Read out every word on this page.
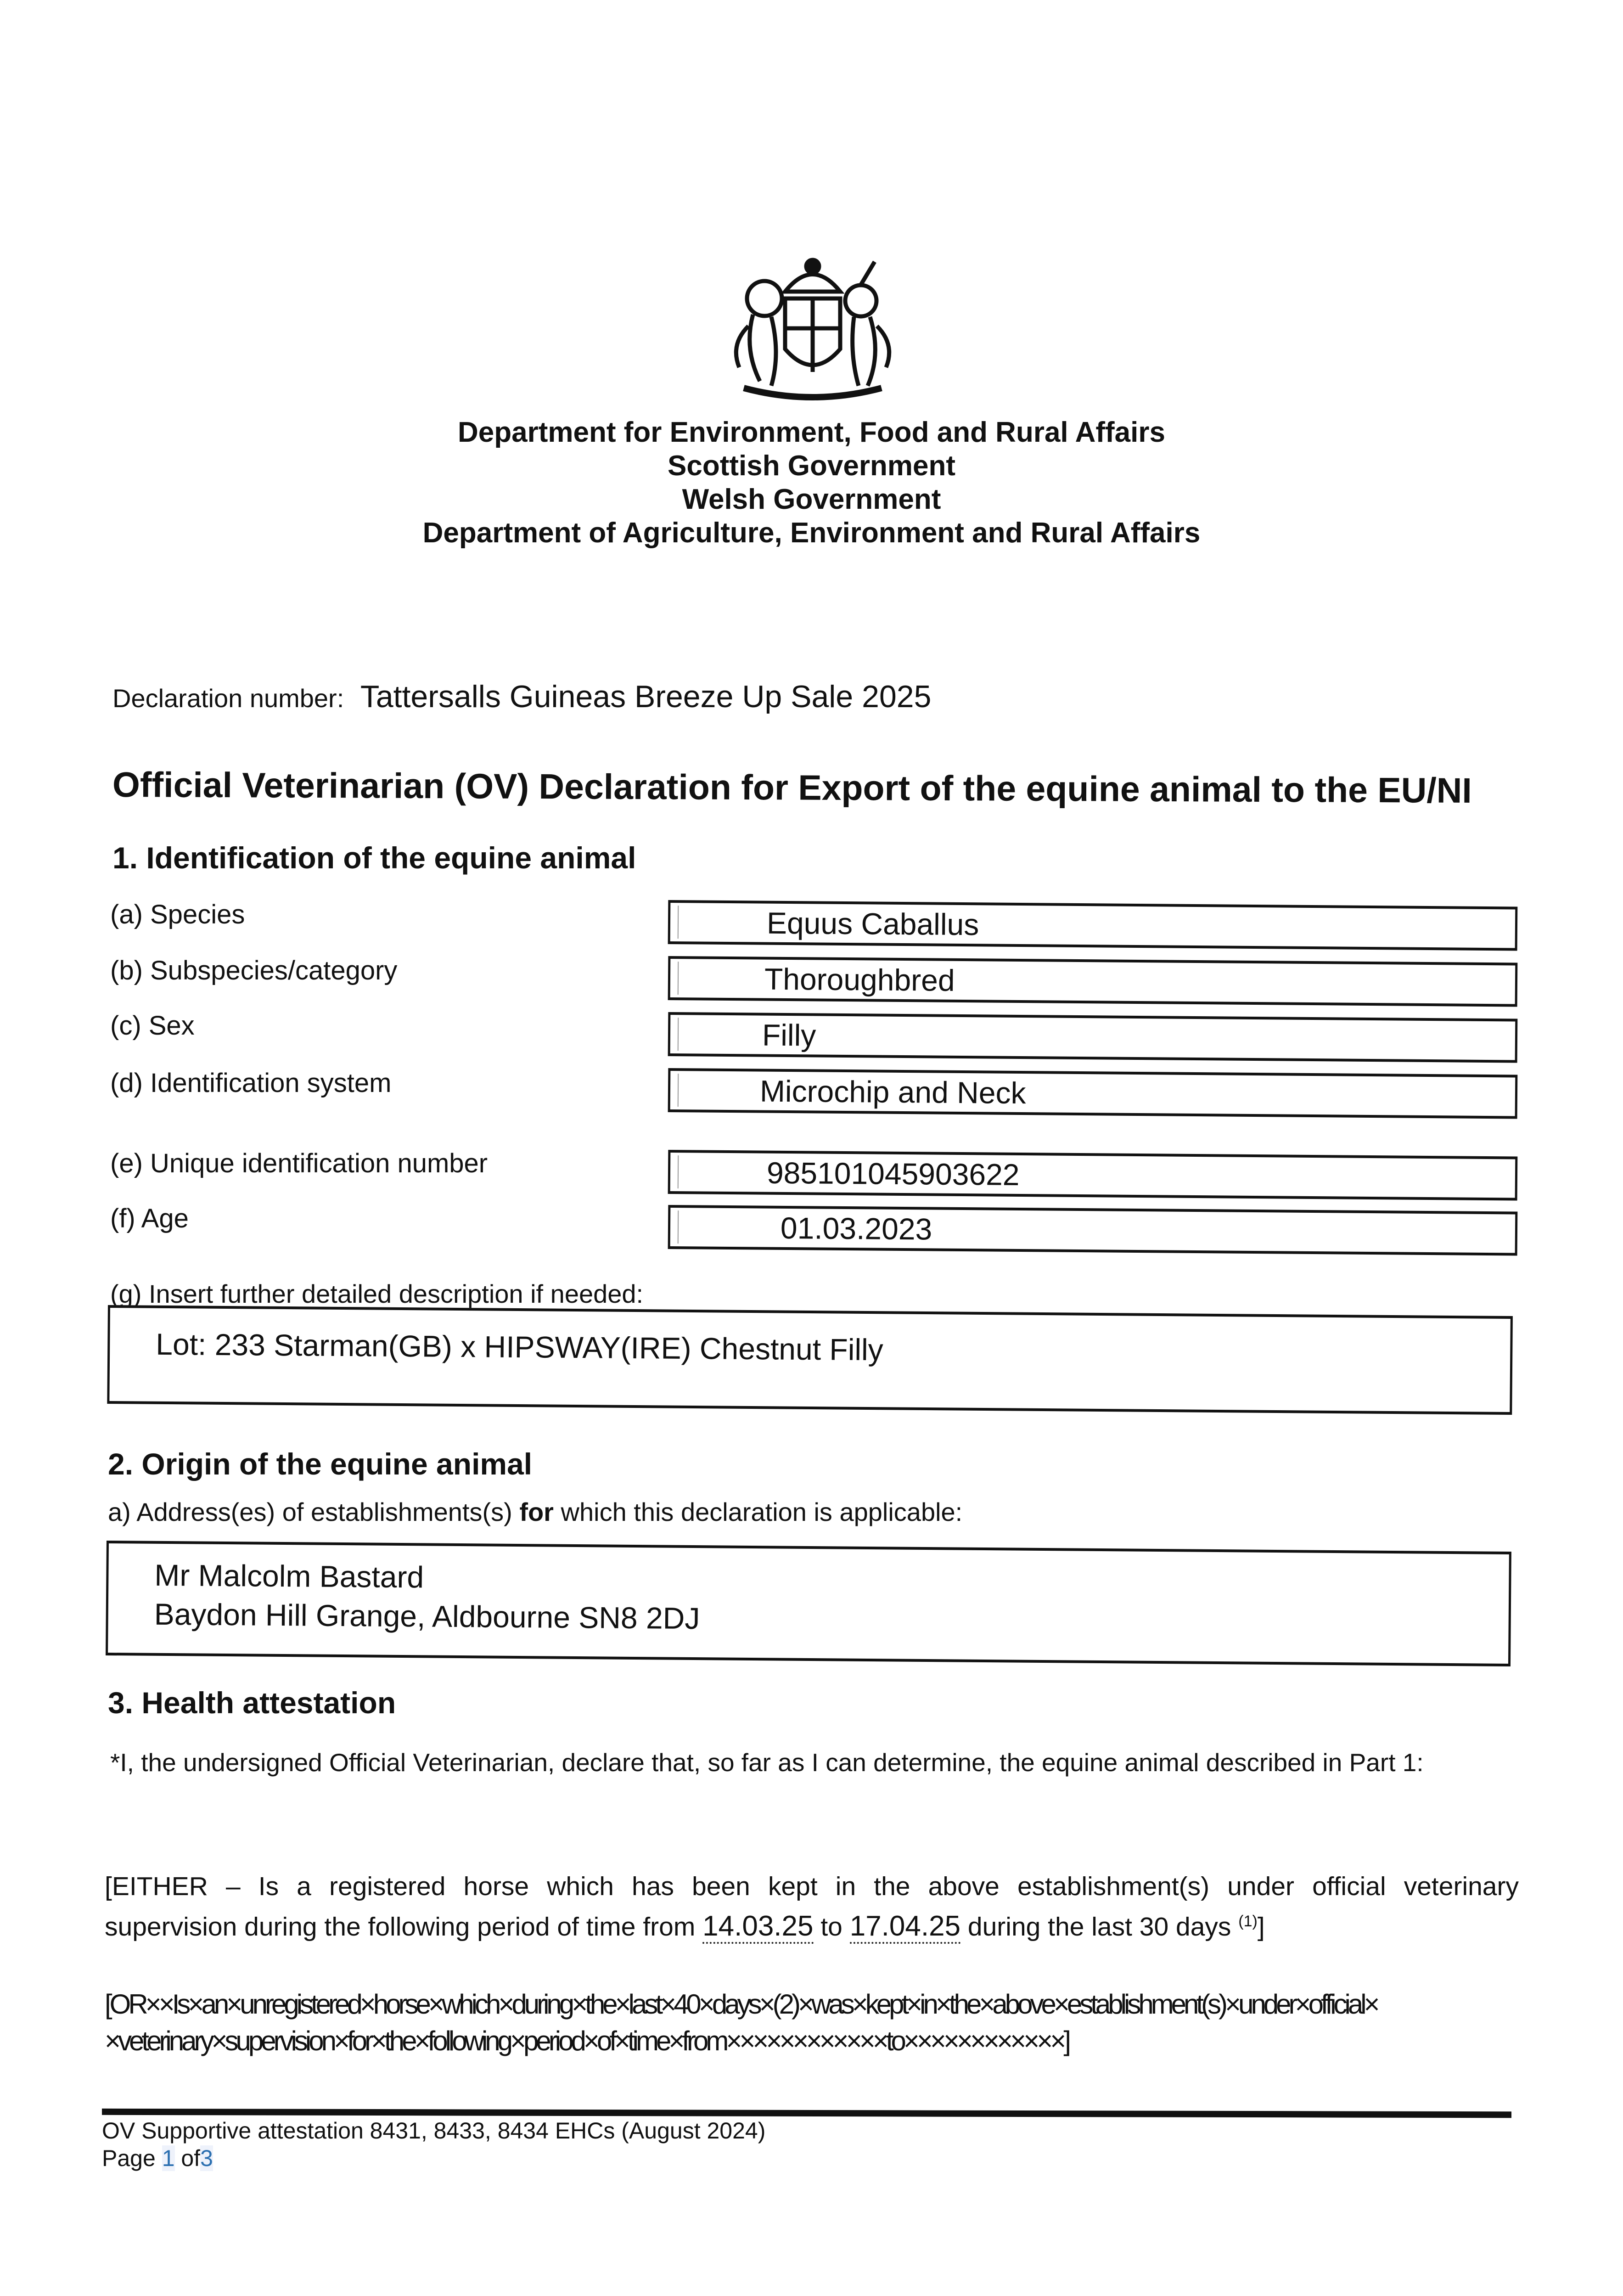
Department for Environment, Food and Rural Affairs
Scottish Government
Welsh Government
Department of Agriculture, Environment and Rural Affairs
Declaration number: Tattersalls Guineas Breeze Up Sale 2025
Official Veterinarian (OV) Declaration for Export of the equine animal to the EU/NI
1. Identification of the equine animal
(a) Species	Equus Caballus
(b) Subspecies/category	Thoroughbred
(c) Sex	Filly
(d) Identification system	Microchip and Neck
(e) Unique identification number	985101045903622
(f) Age	01.03.2023
(g) Insert further detailed description if needed:
Lot: 233 Starman(GB) x HIPSWAY(IRE) Chestnut Filly
2. Origin of the equine animal
a) Address(es) of establishments(s) for which this declaration is applicable:
Mr Malcolm Bastard
Baydon Hill Grange, Aldbourne SN8 2DJ
3. Health attestation
*I, the undersigned Official Veterinarian, declare that, so far as I can determine, the equine animal described in Part 1:
[EITHER – Is a registered horse which has been kept in the above establishment(s) under official veterinary
supervision during the following period of time from 14.03.25 to 17.04.25 during the last 30 days $^{(1)}$]
[OR××Is×an×unregistered×horse×which×during×the×last×40×days×(2)×was×kept×in×the×above×establishment(s)×under×official×
×veterinary×supervision×for×the×following×period×of×time×from××××××××××××to××××××××××××]
OV Supportive attestation 8431, 8433, 8434 EHCs (August 2024)
Page 1 of3
